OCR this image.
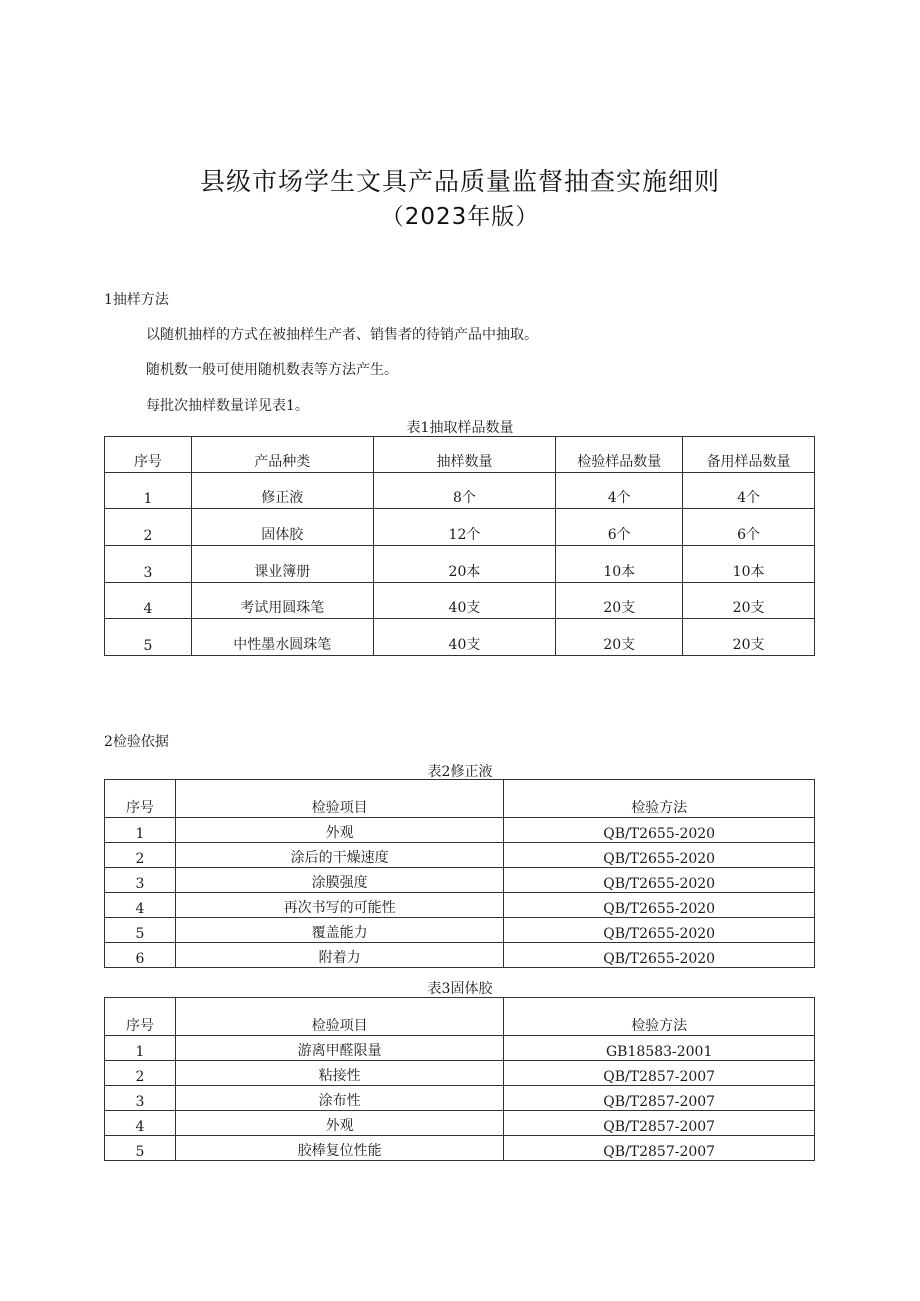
县级市场学生文具产品质量监督抽查实施细则
（2023年版）
1抽样方法
以随机抽样的方式在被抽样生产者、销售者的待销产品中抽取。
随机数一般可使用随机数表等方法产生。
每批次抽样数量详见表1。
表1抽取样品数量
序号	产品种类	抽样数量	检验样品数量	备用样品数量
1	修正液	8个	4个	4个
2	固体胶	12个	6个	6个
3	课业簿册	20本	10本	10本
4	考试用圆珠笔	40支	20支	20支
5	中性墨水圆珠笔	40支	20支	20支
2检验依据
表2修正液
序号	检验项目	检验方法
1	外观	QB/T2655-2020
2	涂后的干燥速度	QB/T2655-2020
3	涂膜强度	QB/T2655-2020
4	再次书写的可能性	QB/T2655-2020
5	覆盖能力	QB/T2655-2020
6	附着力	QB/T2655-2020
表3固体胶
序号	检验项目	检验方法
1	游离甲醛限量	GB18583-2001
2	粘接性	QB/T2857-2007
3	涂布性	QB/T2857-2007
4	外观	QB/T2857-2007
5	胶棒复位性能	QB/T2857-2007
